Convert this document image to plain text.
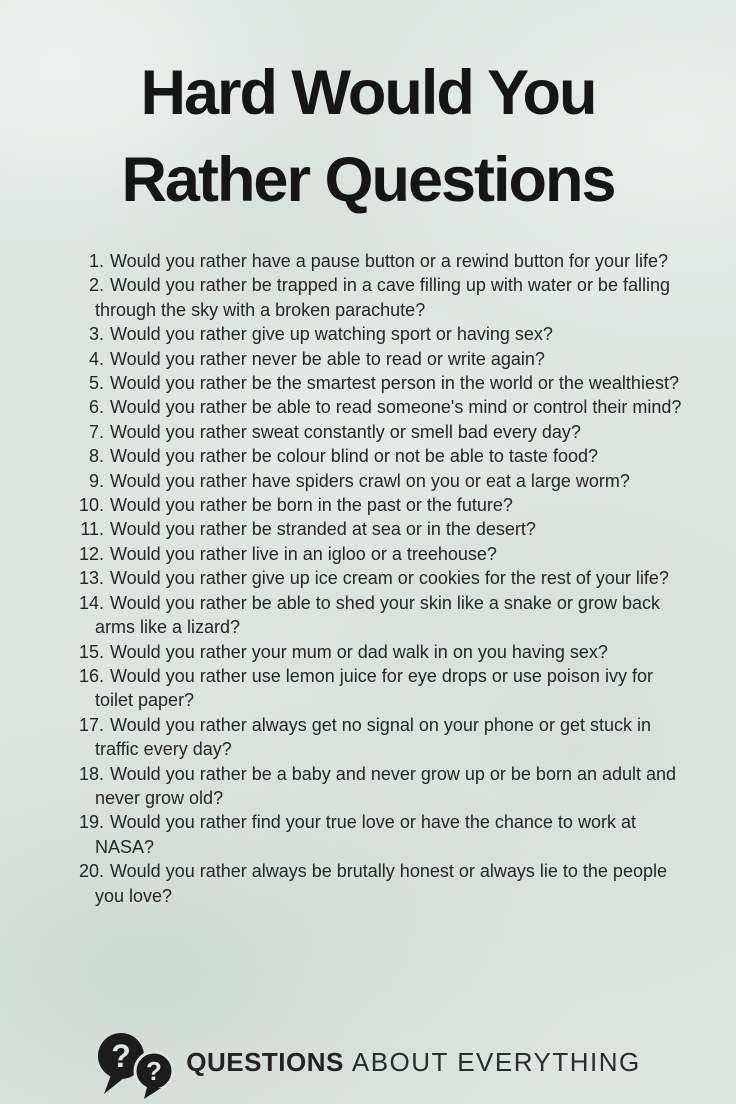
Hard Would You
Rather Questions
1. Would you rather have a pause button or a rewind button for your life?
2. Would you rather be trapped in a cave filling up with water or be falling through the sky with a broken parachute?
3. Would you rather give up watching sport or having sex?
4. Would you rather never be able to read or write again?
5. Would you rather be the smartest person in the world or the wealthiest?
6. Would you rather be able to read someone's mind or control their mind?
7. Would you rather sweat constantly or smell bad every day?
8. Would you rather be colour blind or not be able to taste food?
9. Would you rather have spiders crawl on you or eat a large worm?
10. Would you rather be born in the past or the future?
11. Would you rather be stranded at sea or in the desert?
12. Would you rather live in an igloo or a treehouse?
13. Would you rather give up ice cream or cookies for the rest of your life?
14. Would you rather be able to shed your skin like a snake or grow back arms like a lizard?
15. Would you rather your mum or dad walk in on you having sex?
16. Would you rather use lemon juice for eye drops or use poison ivy for toilet paper?
17. Would you rather always get no signal on your phone or get stuck in traffic every day?
18. Would you rather be a baby and never grow up or be born an adult and never grow old?
19. Would you rather find your true love or have the chance to work at NASA?
20. Would you rather always be brutally honest or always lie to the people you love?
? ? QUESTIONS ABOUT EVERYTHING
